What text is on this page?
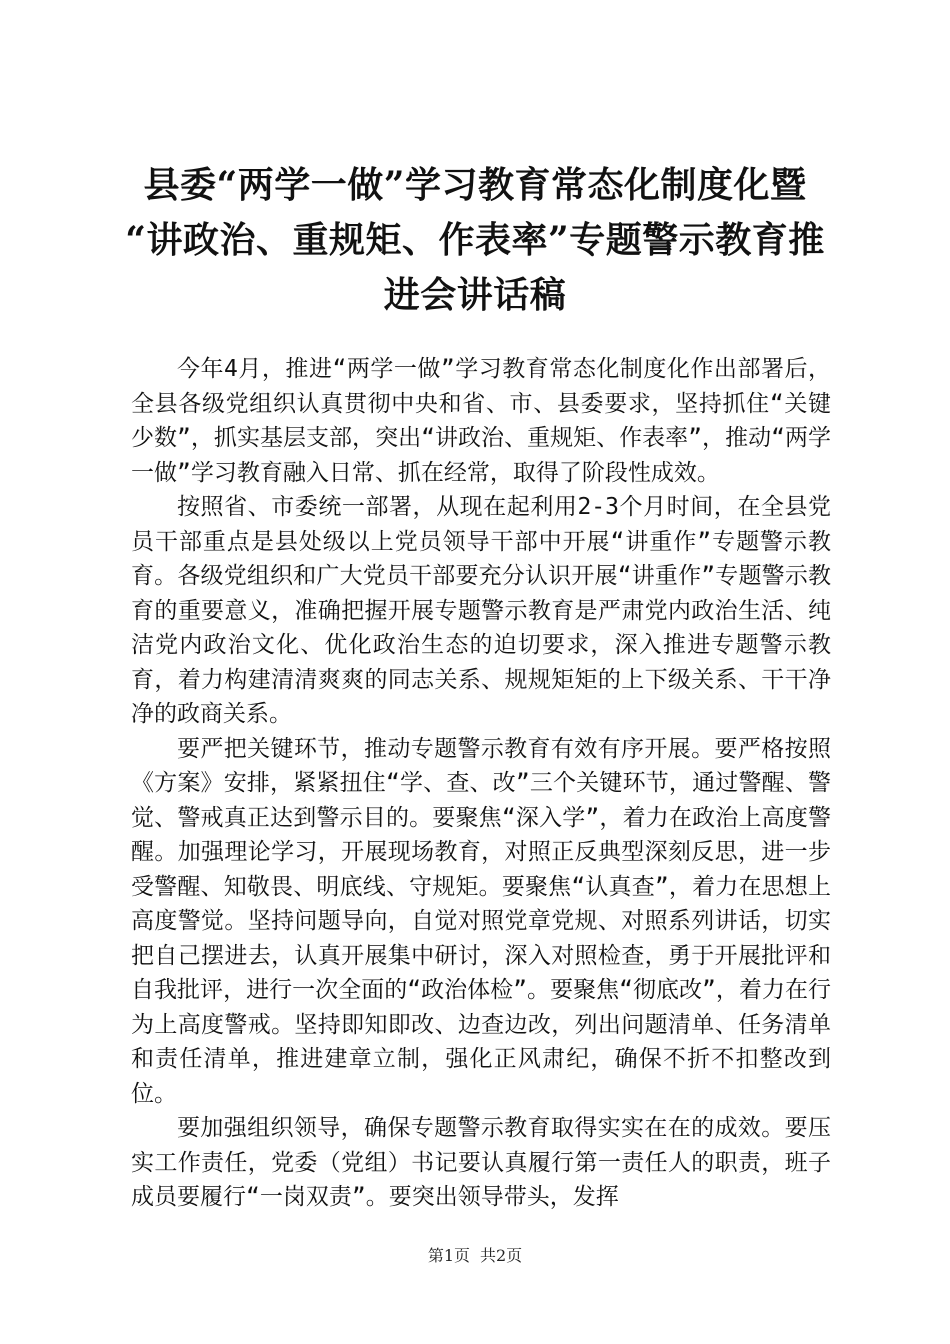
县委“两学一做”学习教育常态化制度化暨
“讲政治、重规矩、作表率”专题警示教育推
进会讲话稿

今年4月，推进“两学一做”学习教育常态化制度化作出部署后，全县各级党组织认真贯彻中央和省、市、县委要求，坚持抓住“关键少数”，抓实基层支部，突出“讲政治、重规矩、作表率”，推动“两学一做”学习教育融入日常、抓在经常，取得了阶段性成效。

按照省、市委统一部署，从现在起利用2-3个月时间，在全县党员干部重点是县处级以上党员领导干部中开展“讲重作”专题警示教育。各级党组织和广大党员干部要充分认识开展“讲重作”专题警示教育的重要意义，准确把握开展专题警示教育是严肃党内政治生活、纯洁党内政治文化、优化政治生态的迫切要求，深入推进专题警示教育，着力构建清清爽爽的同志关系、规规矩矩的上下级关系、干干净净的政商关系。

要严把关键环节，推动专题警示教育有效有序开展。要严格按照《方案》安排，紧紧扭住“学、查、改”三个关键环节，通过警醒、警觉、警戒真正达到警示目的。要聚焦“深入学”，着力在政治上高度警醒。加强理论学习，开展现场教育，对照正反典型深刻反思，进一步受警醒、知敬畏、明底线、守规矩。要聚焦“认真查”，着力在思想上高度警觉。坚持问题导向，自觉对照党章党规、对照系列讲话，切实把自己摆进去，认真开展集中研讨，深入对照检查，勇于开展批评和自我批评，进行一次全面的“政治体检”。要聚焦“彻底改”，着力在行为上高度警戒。坚持即知即改、边查边改，列出问题清单、任务清单和责任清单，推进建章立制，强化正风肃纪，确保不折不扣整改到位。

要加强组织领导，确保专题警示教育取得实实在在的成效。要压实工作责任，党委（党组）书记要认真履行第一责任人的职责，班子成员要履行“一岗双责”。要突出领导带头，发挥

第1页 共2页
